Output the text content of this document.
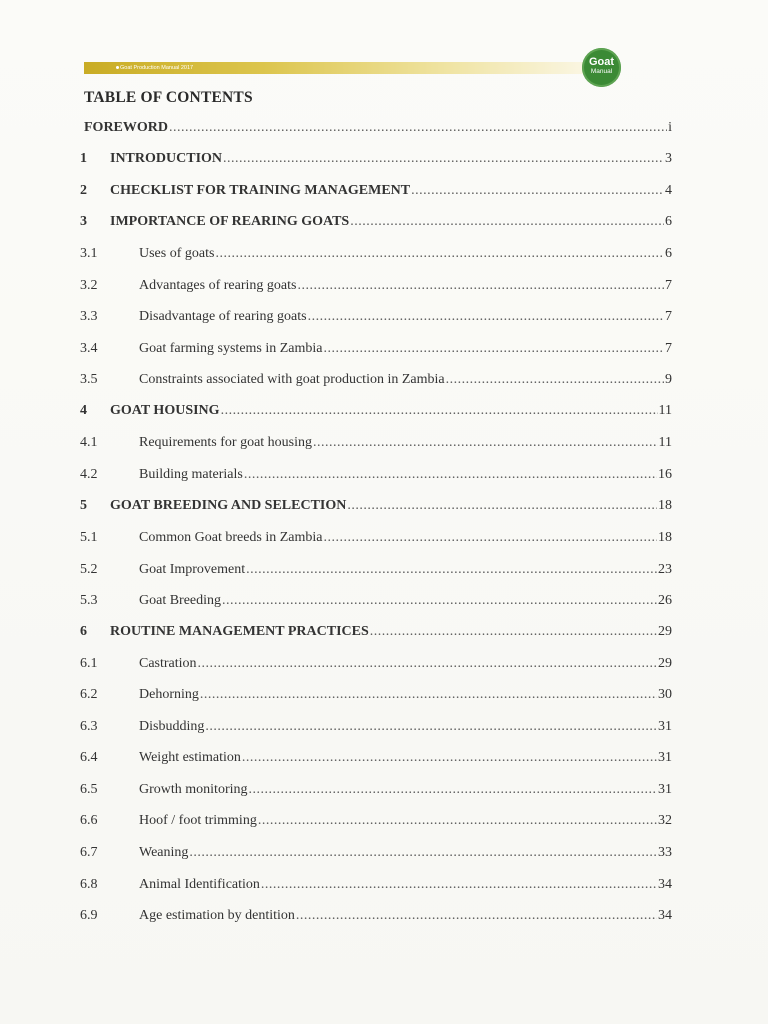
Goat Production Manual 2017	Goat
Manual
TABLE OF CONTENTS
FOREWORD .....	i
1	INTRODUCTION .....	3
2	CHECKLIST FOR TRAINING MANAGEMENT .....	4
3	IMPORTANCE OF REARING GOATS .....	6
3.1	Uses of goats .....	6
3.2	Advantages of rearing goats .....	7
3.3	Disadvantage of rearing goats .....	7
3.4	Goat farming systems in Zambia .....	7
3.5	Constraints associated with goat production in Zambia .....	9
4	GOAT HOUSING .....	11
4.1	Requirements for goat housing .....	11
4.2	Building materials .....	16
5	GOAT BREEDING AND SELECTION .....	18
5.1	Common Goat breeds in Zambia .....	18
5.2	Goat Improvement .....	23
5.3	Goat Breeding .....	26
6	ROUTINE MANAGEMENT PRACTICES .....	29
6.1	Castration .....	29
6.2	Dehorning .....	30
6.3	Disbudding .....	31
6.4	Weight estimation .....	31
6.5	Growth monitoring .....	31
6.6	Hoof / foot trimming .....	32
6.7	Weaning .....	33
6.8	Animal Identification .....	34
6.9	Age estimation by dentition .....	34
